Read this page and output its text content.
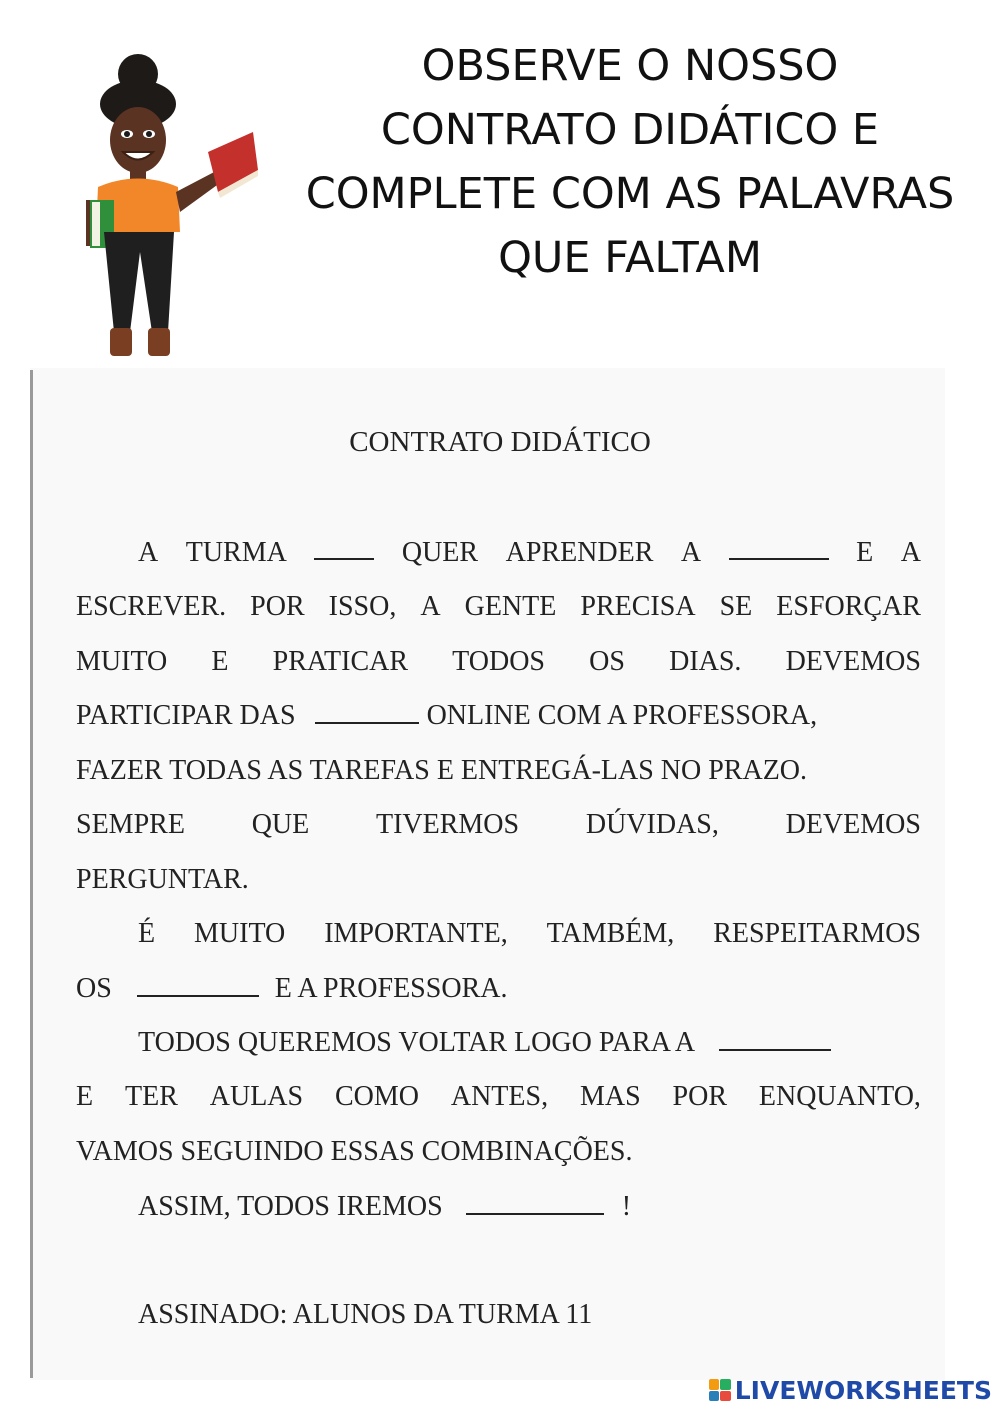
OBSERVE O NOSSO
CONTRATO DIDÁTICO E
COMPLETE COM AS PALAVRAS
QUE FALTAM
CONTRATO DIDÁTICO
A TURMA	QUER APRENDER A	E A
ESCREVER. POR ISSO, A GENTE PRECISA SE ESFORÇAR
MUITO E PRATICAR TODOS OS DIAS. DEVEMOS
PARTICIPAR DAS	ONLINE COM A PROFESSORA,
FAZER TODAS AS TAREFAS E ENTREGÁ-LAS NO PRAZO.
SEMPRE QUE TIVERMOS DÚVIDAS, DEVEMOS
PERGUNTAR.
É MUITO IMPORTANTE, TAMBÉM, RESPEITARMOS
OS	E A PROFESSORA.
TODOS QUEREMOS VOLTAR LOGO PARA A
E TER AULAS COMO ANTES, MAS POR ENQUANTO,
VAMOS SEGUINDO ESSAS COMBINAÇÕES.
ASSIM, TODOS IREMOS	!
ASSINADO: ALUNOS DA TURMA 11
LIVEWORKSHEETS
